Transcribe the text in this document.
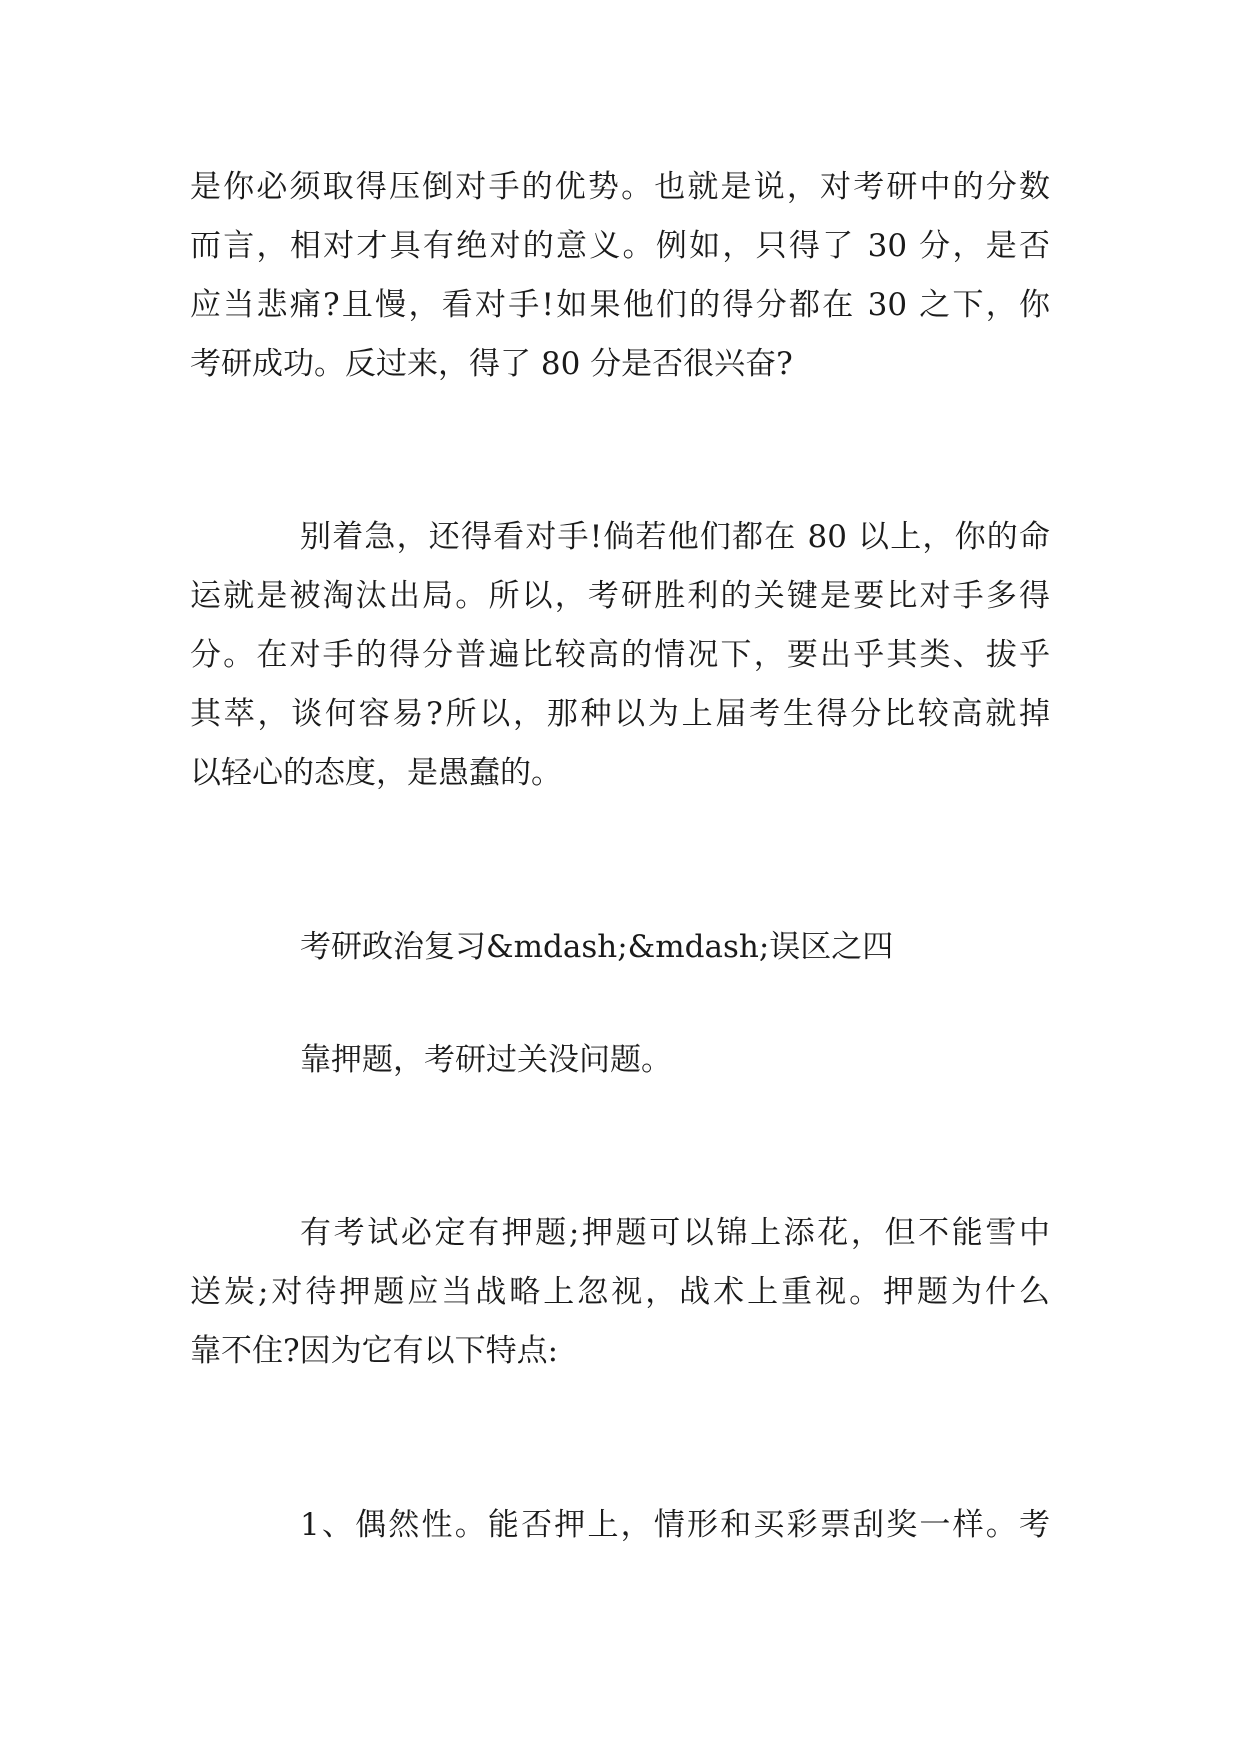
是你必须取得压倒对手的优势。也就是说，对考研中的分数

而言，相对才具有绝对的意义。例如，只得了 30 分，是否

应当悲痛?且慢，看对手!如果他们的得分都在 30 之下，你

考研成功。反过来，得了 80 分是否很兴奋?

别着急，还得看对手!倘若他们都在 80 以上，你的命

运就是被淘汰出局。所以，考研胜利的关键是要比对手多得

分。在对手的得分普遍比较高的情况下，要出乎其类、拔乎

其萃，谈何容易?所以，那种以为上届考生得分比较高就掉

以轻心的态度，是愚蠢的。

考研政治复习&mdash;&mdash;误区之四

靠押题，考研过关没问题。

有考试必定有押题;押题可以锦上添花，但不能雪中

送炭;对待押题应当战略上忽视，战术上重视。押题为什么

靠不住?因为它有以下特点:

1、偶然性。能否押上，情形和买彩票刮奖一样。考
